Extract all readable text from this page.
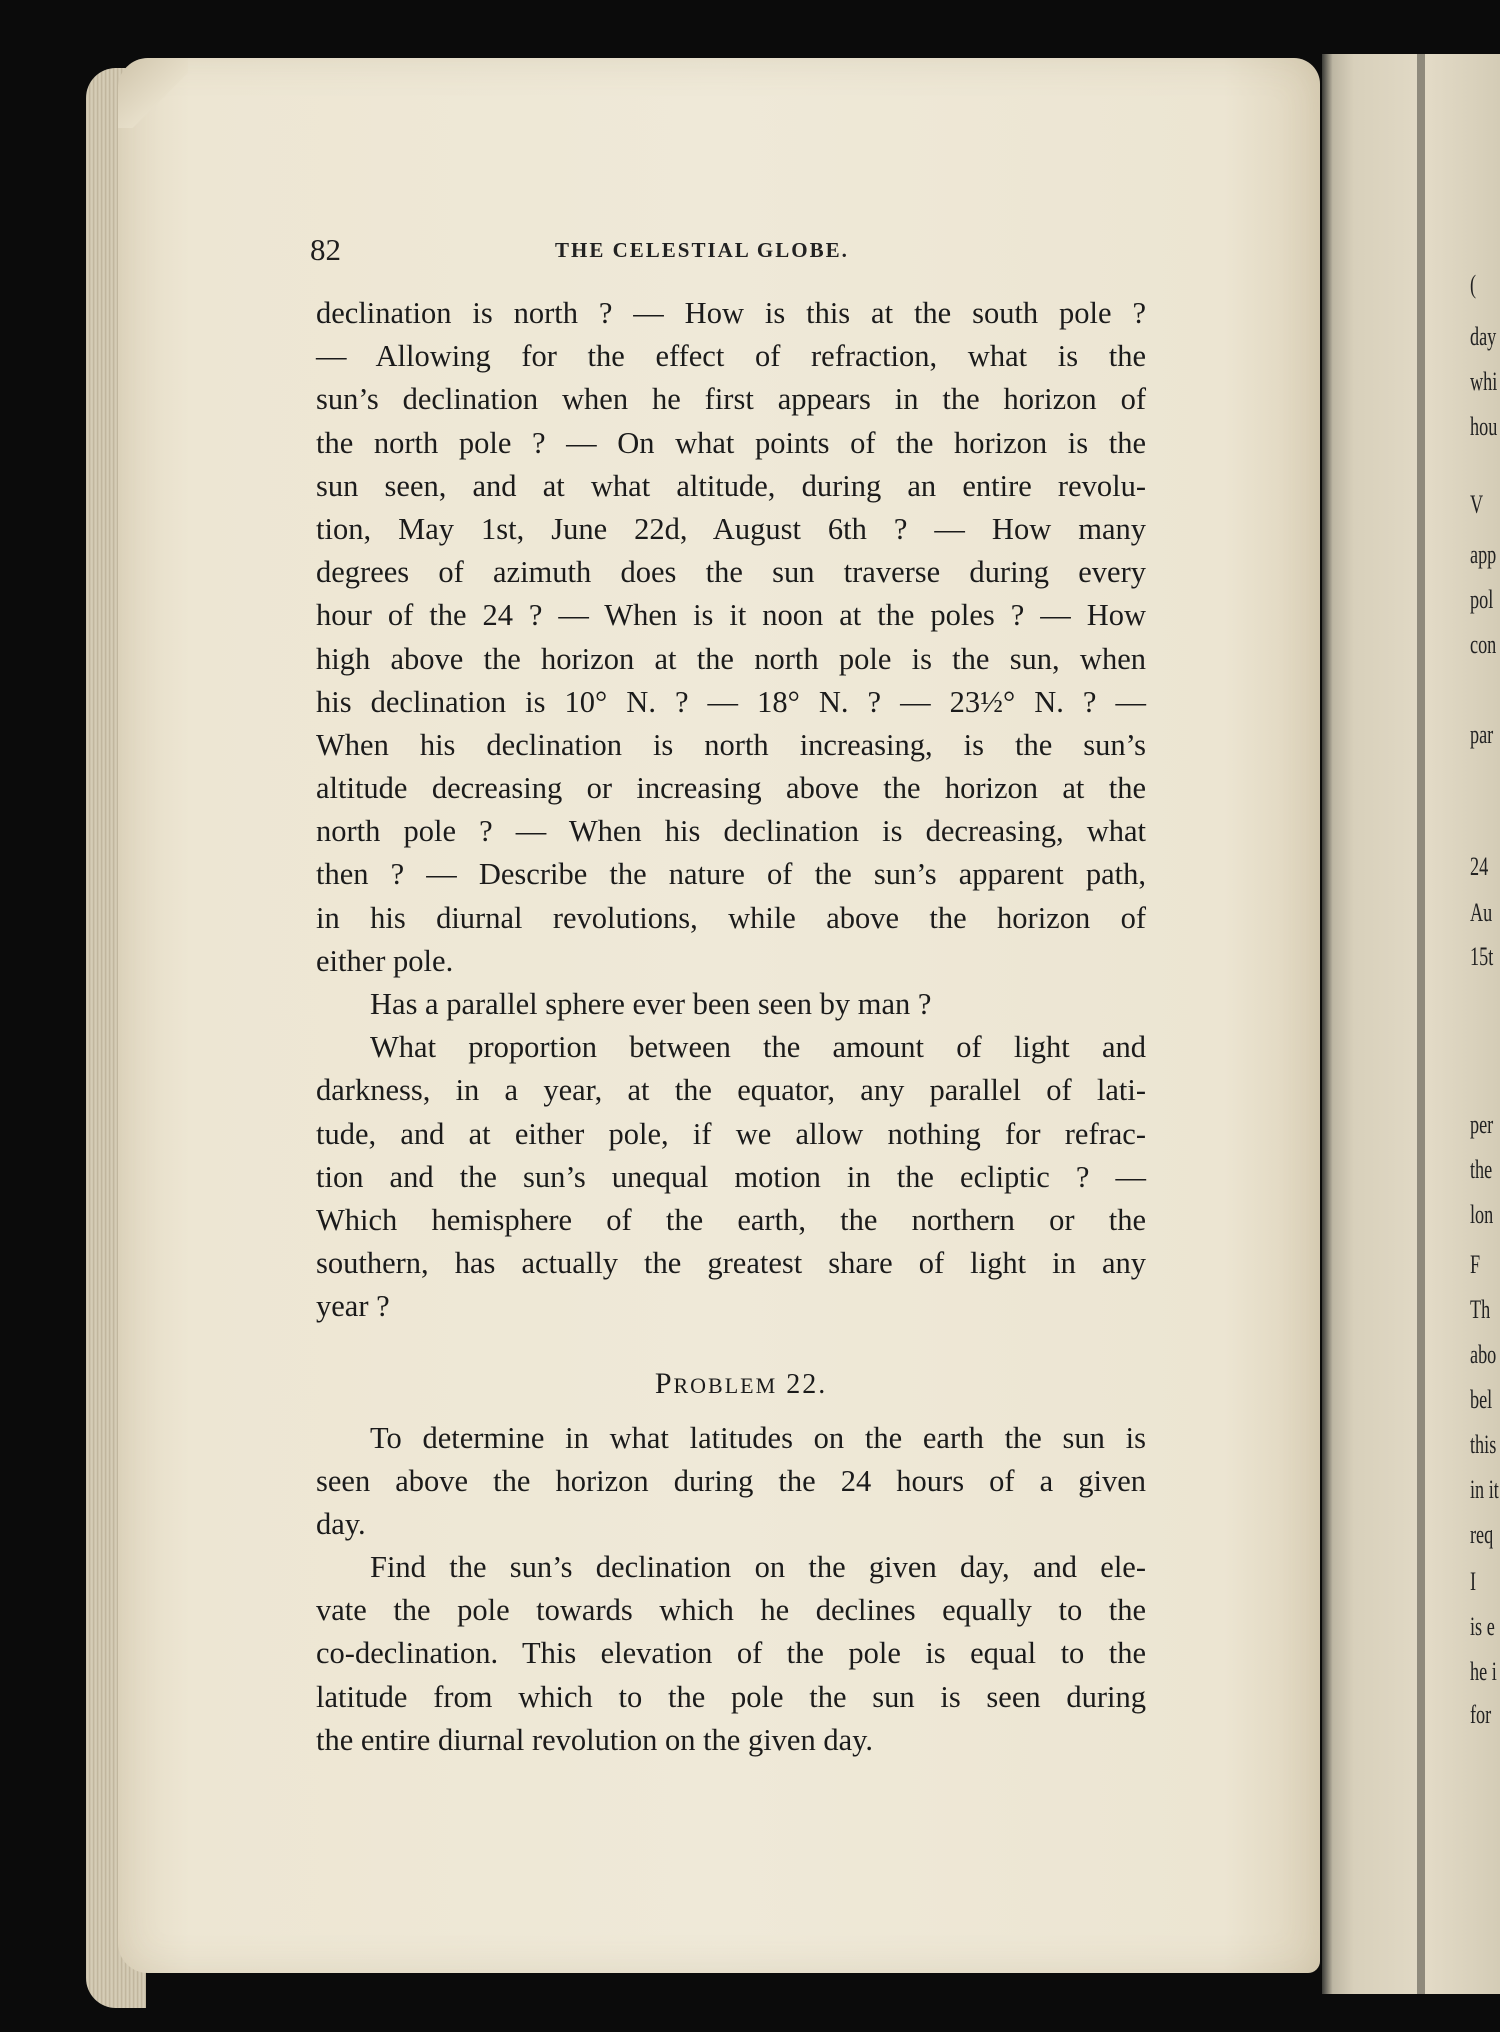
82	THE CELESTIAL GLOBE.
declination is north ? — How is this at the south pole ?
— Allowing for the effect of refraction, what is the
sun’s declination when he first appears in the horizon of
the north pole ? — On what points of the horizon is the
sun seen, and at what altitude, during an entire revolu-
tion, May 1st, June 22d, August 6th ? — How many
degrees of azimuth does the sun traverse during every
hour of the 24 ? — When is it noon at the poles ? — How
high above the horizon at the north pole is the sun, when
his declination is 10° N. ? — 18° N. ? — 23½° N. ? —
When his declination is north increasing, is the sun’s
altitude decreasing or increasing above the horizon at the
north pole ? — When his declination is decreasing, what
then ? — Describe the nature of the sun’s apparent path,
in his diurnal revolutions, while above the horizon of
either pole.
Has a parallel sphere ever been seen by man ?
What proportion between the amount of light and
darkness, in a year, at the equator, any parallel of lati-
tude, and at either pole, if we allow nothing for refrac-
tion and the sun’s unequal motion in the ecliptic ? —
Which hemisphere of the earth, the northern or the
southern, has actually the greatest share of light in any
year ?
PROBLEM 22.
To determine in what latitudes on the earth the sun is
seen above the horizon during the 24 hours of a given
day.
Find the sun’s declination on the given day, and ele-
vate the pole towards which he declines equally to the
co-declination. This elevation of the pole is equal to the
latitude from which to the pole the sun is seen during
the entire diurnal revolution on the given day.
(
day
whi
hou
V
app
pol
con
par
24
Au
15t
per
the
lon
F
Th
abo
bel
this
in it
req
I
is e
he i
for
